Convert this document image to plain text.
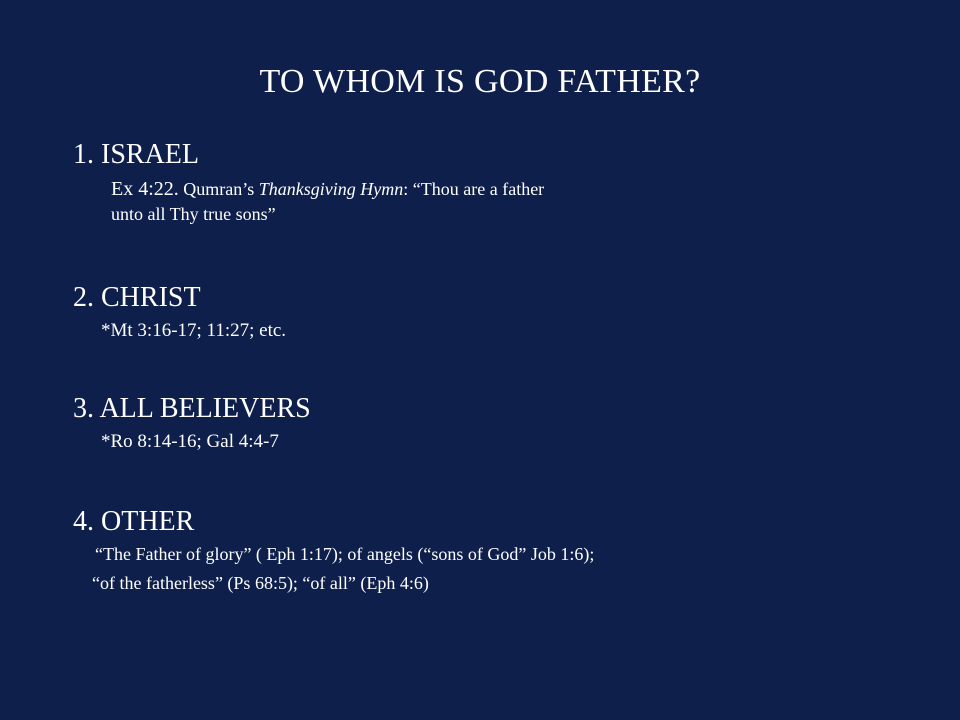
TO WHOM IS GOD FATHER?
1. ISRAEL
Ex 4:22. Qumran’s Thanksgiving Hymn: “Thou are a father
unto all Thy true sons”
2. CHRIST
*Mt 3:16-17; 11:27; etc.
3. ALL BELIEVERS
*Ro 8:14-16; Gal 4:4-7
4. OTHER
“The Father of glory” ( Eph 1:17); of angels (“sons of God” Job 1:6);
“of the fatherless” (Ps 68:5); “of all” (Eph 4:6)
